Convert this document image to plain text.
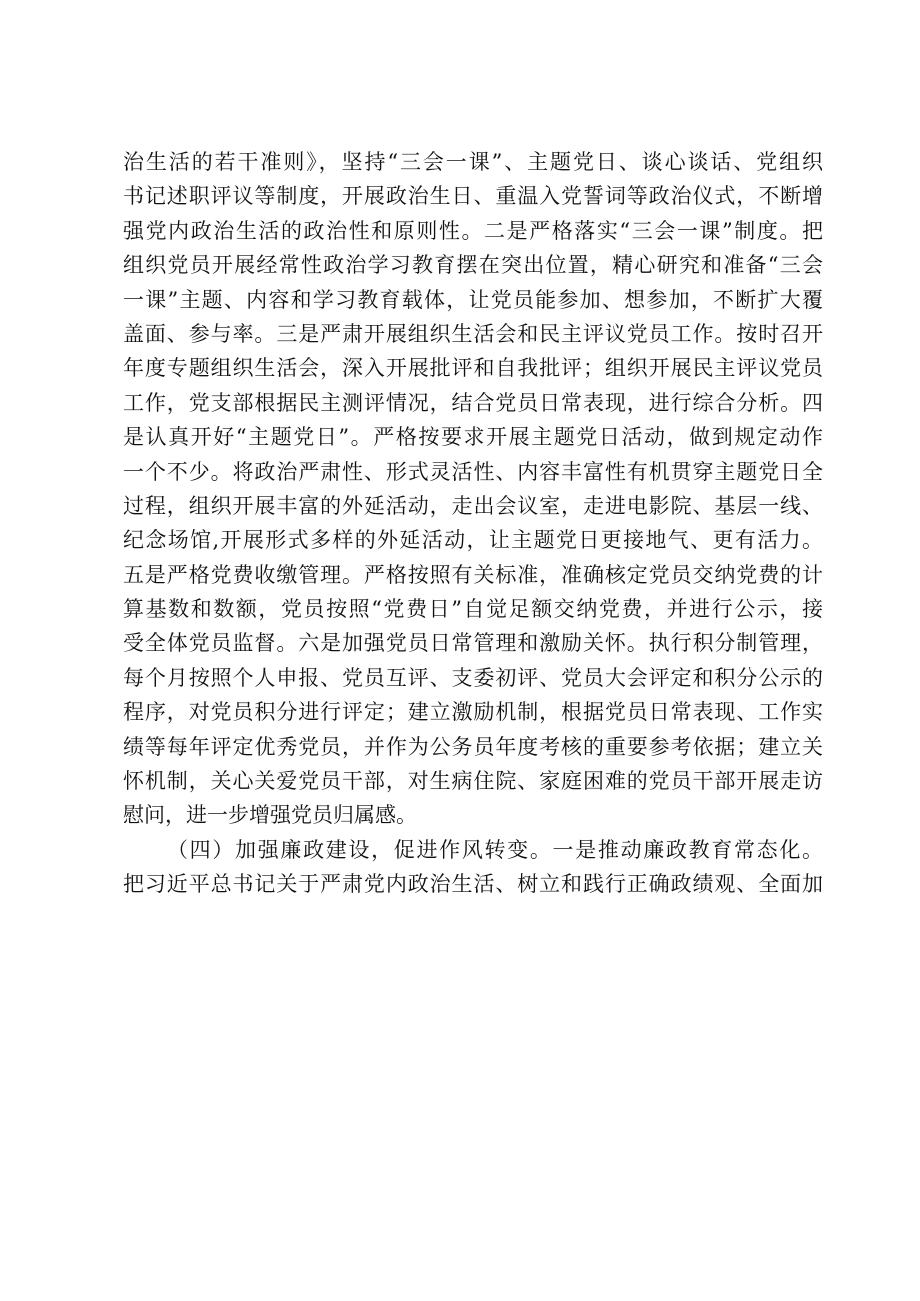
治生活的若干准则》，坚持“三会一课”、主题党日、谈心谈话、党组织
书记述职评议等制度，开展政治生日、重温入党誓词等政治仪式，不断增
强党内政治生活的政治性和原则性。二是严格落实“三会一课”制度。把
组织党员开展经常性政治学习教育摆在突出位置，精心研究和准备“三会
一课”主题、内容和学习教育载体，让党员能参加、想参加，不断扩大覆
盖面、参与率。三是严肃开展组织生活会和民主评议党员工作。按时召开
年度专题组织生活会，深入开展批评和自我批评；组织开展民主评议党员
工作，党支部根据民主测评情况，结合党员日常表现，进行综合分析。四
是认真开好“主题党日”。严格按要求开展主题党日活动，做到规定动作
一个不少。将政治严肃性、形式灵活性、内容丰富性有机贯穿主题党日全
过程，组织开展丰富的外延活动，走出会议室，走进电影院、基层一线、
纪念场馆,开展形式多样的外延活动，让主题党日更接地气、更有活力。
五是严格党费收缴管理。严格按照有关标准，准确核定党员交纳党费的计
算基数和数额，党员按照“党费日”自觉足额交纳党费，并进行公示，接
受全体党员监督。六是加强党员日常管理和激励关怀。执行积分制管理，
每个月按照个人申报、党员互评、支委初评、党员大会评定和积分公示的
程序，对党员积分进行评定；建立激励机制，根据党员日常表现、工作实
绩等每年评定优秀党员，并作为公务员年度考核的重要参考依据；建立关
怀机制，关心关爱党员干部，对生病住院、家庭困难的党员干部开展走访
慰问，进一步增强党员归属感。
（四）加强廉政建设，促进作风转变。一是推动廉政教育常态化。
把习近平总书记关于严肃党内政治生活、树立和践行正确政绩观、全面加
